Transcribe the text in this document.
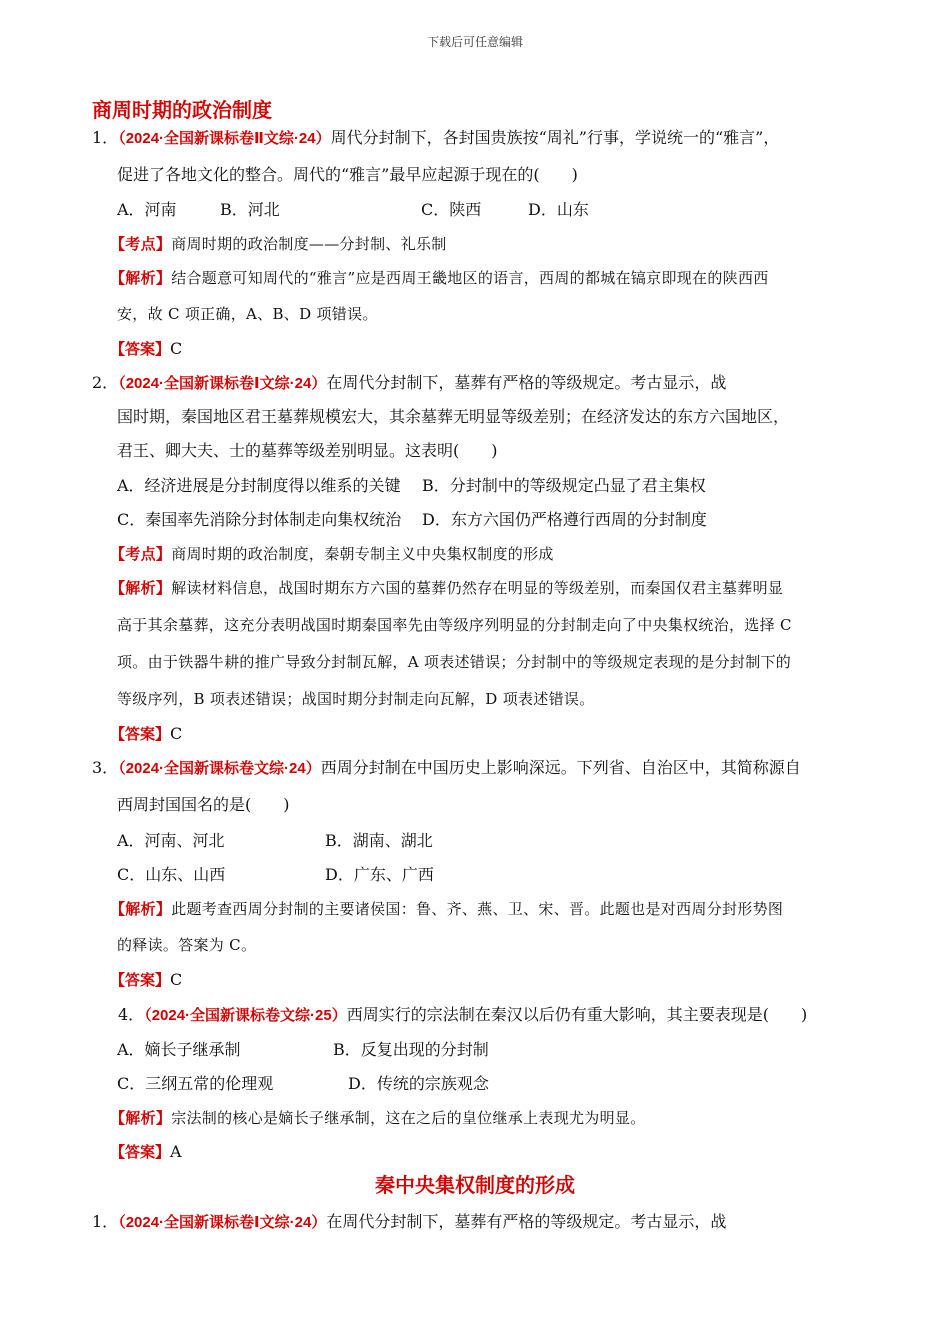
下载后可任意编辑
商周时期的政治制度
1．（2024·全国新课标卷Ⅱ文综·24）周代分封制下，各封国贵族按“周礼”行事，学说统一的“雅言”，
促进了各地文化的整合。周代的“雅言”最早应起源于现在的(　　)
A．河南	B．河北	C．陕西	D．山东
【考点】商周时期的政治制度——分封制、礼乐制
【解析】结合题意可知周代的“雅言”应是西周王畿地区的语言，西周的都城在镐京即现在的陕西西
安，故 C 项正确，A、B、D 项错误。
【答案】C
2．（2024·全国新课标卷Ⅰ文综·24）在周代分封制下，墓葬有严格的等级规定。考古显示，战
国时期，秦国地区君王墓葬规模宏大，其余墓葬无明显等级差别；在经济发达的东方六国地区，
君王、卿大夫、士的墓葬等级差别明显。这表明(　　)
A．经济进展是分封制度得以维系的关键 B．分封制中的等级规定凸显了君主集权
C．秦国率先消除分封体制走向集权统治 D．东方六国仍严格遵行西周的分封制度
【考点】商周时期的政治制度，秦朝专制主义中央集权制度的形成
【解析】解读材料信息，战国时期东方六国的墓葬仍然存在明显的等级差别，而秦国仅君主墓葬明显
高于其余墓葬，这充分表明战国时期秦国率先由等级序列明显的分封制走向了中央集权统治，选择 C
项。由于铁器牛耕的推广导致分封制瓦解，A 项表述错误；分封制中的等级规定表现的是分封制下的
等级序列，B 项表述错误；战国时期分封制走向瓦解，D 项表述错误。
【答案】C
3．（2024·全国新课标卷文综·24）西周分封制在中国历史上影响深远。下列省、自治区中，其简称源自
西周封国国名的是(　　)
A．河南、河北	B．湖南、湖北
C．山东、山西	D．广东、广西
【解析】此题考查西周分封制的主要诸侯国：鲁、齐、燕、卫、宋、晋。此题也是对西周分封形势图
的释读。答案为 C。
【答案】C
4．（2024·全国新课标卷文综·25）西周实行的宗法制在秦汉以后仍有重大影响，其主要表现是(　　)
A．嫡长子继承制	B．反复出现的分封制
C．三纲五常的伦理观	D．传统的宗族观念
【解析】宗法制的核心是嫡长子继承制，这在之后的皇位继承上表现尤为明显。
【答案】A
秦中央集权制度的形成
1．（2024·全国新课标卷Ⅰ文综·24）在周代分封制下，墓葬有严格的等级规定。考古显示，战
